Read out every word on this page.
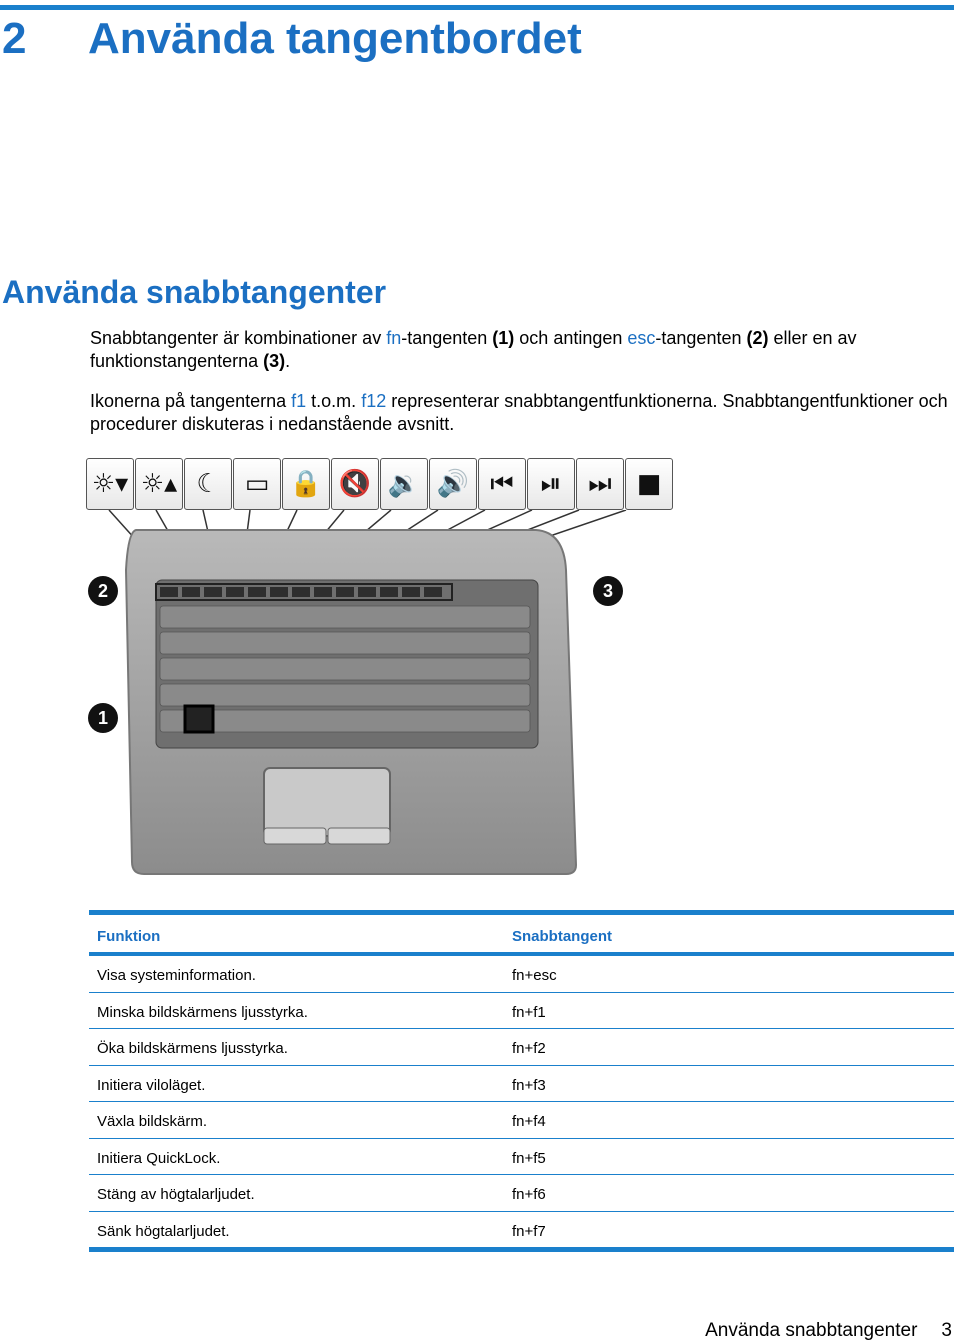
2 Använda tangentbordet
Använda snabbtangenter

Snabbtangenter är kombinationer av fn-tangenten (1) och antingen esc-tangenten (2) eller en av funktionstangenterna (3).

Ikonerna på tangenterna f1 t.o.m. f12 representerar snabbtangentfunktionerna. Snabbtangentfunktioner och procedurer diskuteras i nedanstående avsnitt.

☼▾ ☼▴ ☾ ▭ 🔒 🔇 🔉 🔊 ⏮	⏯	⏭ ■
2	3
1
Funktion	Snabbtangent
Visa systeminformation.	fn+esc
Minska bildskärmens ljusstyrka.	fn+f1
Öka bildskärmens ljusstyrka.	fn+f2
Initiera viloläget.	fn+f3
Växla bildskärm.	fn+f4
Initiera QuickLock.	fn+f5
Stäng av högtalarljudet.	fn+f6
Sänk högtalarljudet.	fn+f7
Använda snabbtangenter 3
